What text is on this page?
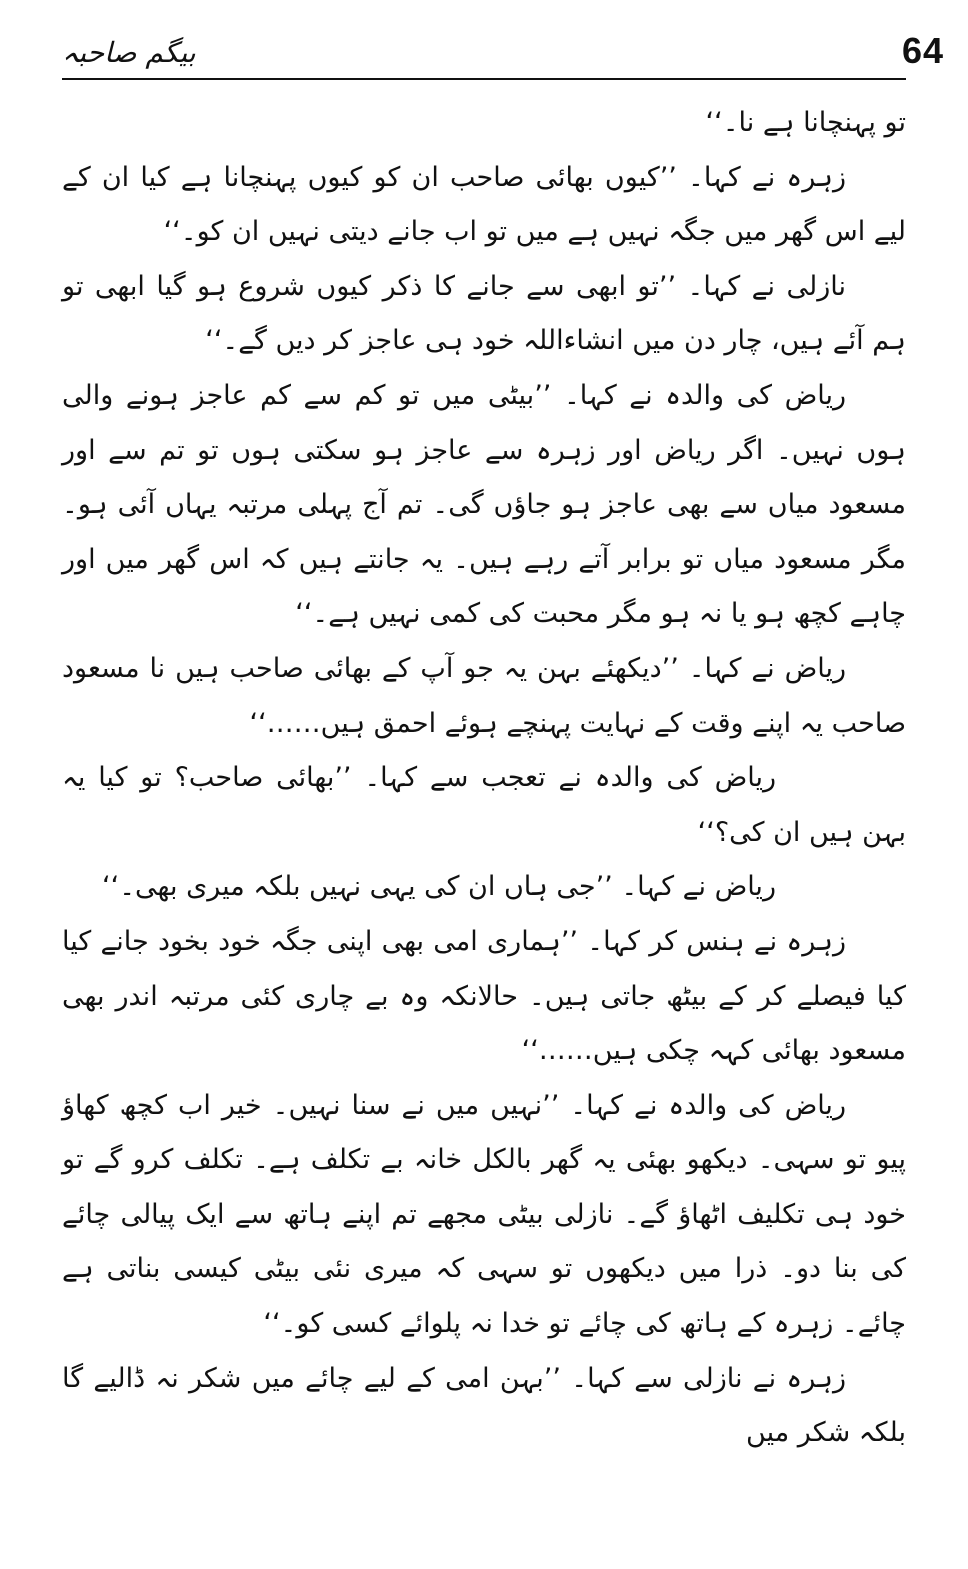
64
بیگم صاحبہ

تو پہنچانا ہے نا۔‘‘

زہرہ نے کہا۔ ’’کیوں بھائی صاحب ان کو کیوں پہنچانا ہے کیا ان کے لیے اس گھر میں جگہ نہیں ہے میں تو اب جانے دیتی نہیں ان کو۔‘‘

نازلی نے کہا۔ ’’تو ابھی سے جانے کا ذکر کیوں شروع ہو گیا ابھی تو ہم آئے ہیں، چار دن میں انشاءاللہ خود ہی عاجز کر دیں گے۔‘‘

ریاض کی والدہ نے کہا۔ ’’بیٹی میں تو کم سے کم عاجز ہونے والی ہوں نہیں۔ اگر ریاض اور زہرہ سے عاجز ہو سکتی ہوں تو تم سے اور مسعود میاں سے بھی عاجز ہو جاؤں گی۔ تم آج پہلی مرتبہ یہاں آئی ہو۔ مگر مسعود میاں تو برابر آتے رہے ہیں۔ یہ جانتے ہیں کہ اس گھر میں اور چاہے کچھ ہو یا نہ ہو مگر محبت کی کمی نہیں ہے۔‘‘

ریاض نے کہا۔ ’’دیکھئے بہن یہ جو آپ کے بھائی صاحب ہیں نا مسعود صاحب یہ اپنے وقت کے نہایت پہنچے ہوئے احمق ہیں……‘‘

ریاض کی والدہ نے تعجب سے کہا۔ ’’بھائی صاحب؟ تو کیا یہ بہن ہیں ان کی؟‘‘

ریاض نے کہا۔ ’’جی ہاں ان کی یہی نہیں بلکہ میری بھی۔‘‘

زہرہ نے ہنس کر کہا۔ ’’ہماری امی بھی اپنی جگہ خود بخود جانے کیا کیا فیصلے کر کے بیٹھ جاتی ہیں۔ حالانکہ وہ بے چاری کئی مرتبہ اندر بھی مسعود بھائی کہہ چکی ہیں……‘‘

ریاض کی والدہ نے کہا۔ ’’نہیں میں نے سنا نہیں۔ خیر اب کچھ کھاؤ پیو تو سہی۔ دیکھو بھئی یہ گھر بالکل خانہ بے تکلف ہے۔ تکلف کرو گے تو خود ہی تکلیف اٹھاؤ گے۔ نازلی بیٹی مجھے تم اپنے ہاتھ سے ایک پیالی چائے کی بنا دو۔ ذرا میں دیکھوں تو سہی کہ میری نئی بیٹی کیسی بناتی ہے چائے۔ زہرہ کے ہاتھ کی چائے تو خدا نہ پلوائے کسی کو۔‘‘

زہرہ نے نازلی سے کہا۔ ’’بہن امی کے لیے چائے میں شکر نہ ڈالیے گا بلکہ شکر میں
